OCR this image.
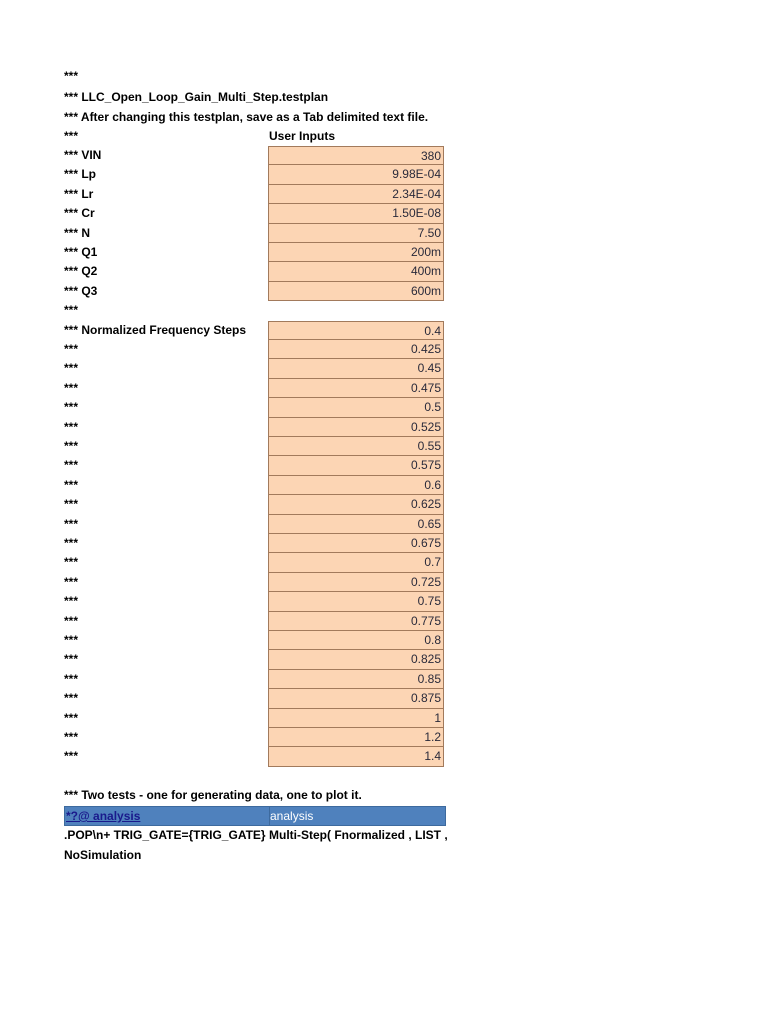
***
*** LLC_Open_Loop_Gain_Multi_Step.testplan
*** After changing this testplan, save as a Tab delimited text file.
***	User Inputs
*** VIN	380
*** Lp	9.98E-04
*** Lr	2.34E-04
*** Cr	1.50E-08
*** N	7.50
*** Q1	200m
*** Q2	400m
*** Q3	600m
***
*** Normalized Frequency Steps	0.4
***	0.425
***	0.45
***	0.475
***	0.5
***	0.525
***	0.55
***	0.575
***	0.6
***	0.625
***	0.65
***	0.675
***	0.7
***	0.725
***	0.75
***	0.775
***	0.8
***	0.825
***	0.85
***	0.875
***	1
***	1.2
***	1.4
*** Two tests - one for generating data, one to plot it.
*?@ analysis	analysis
.POP\n+ TRIG_GATE={TRIG_GATE} Multi-Step( Fnormalized , LIST ,
NoSimulation
